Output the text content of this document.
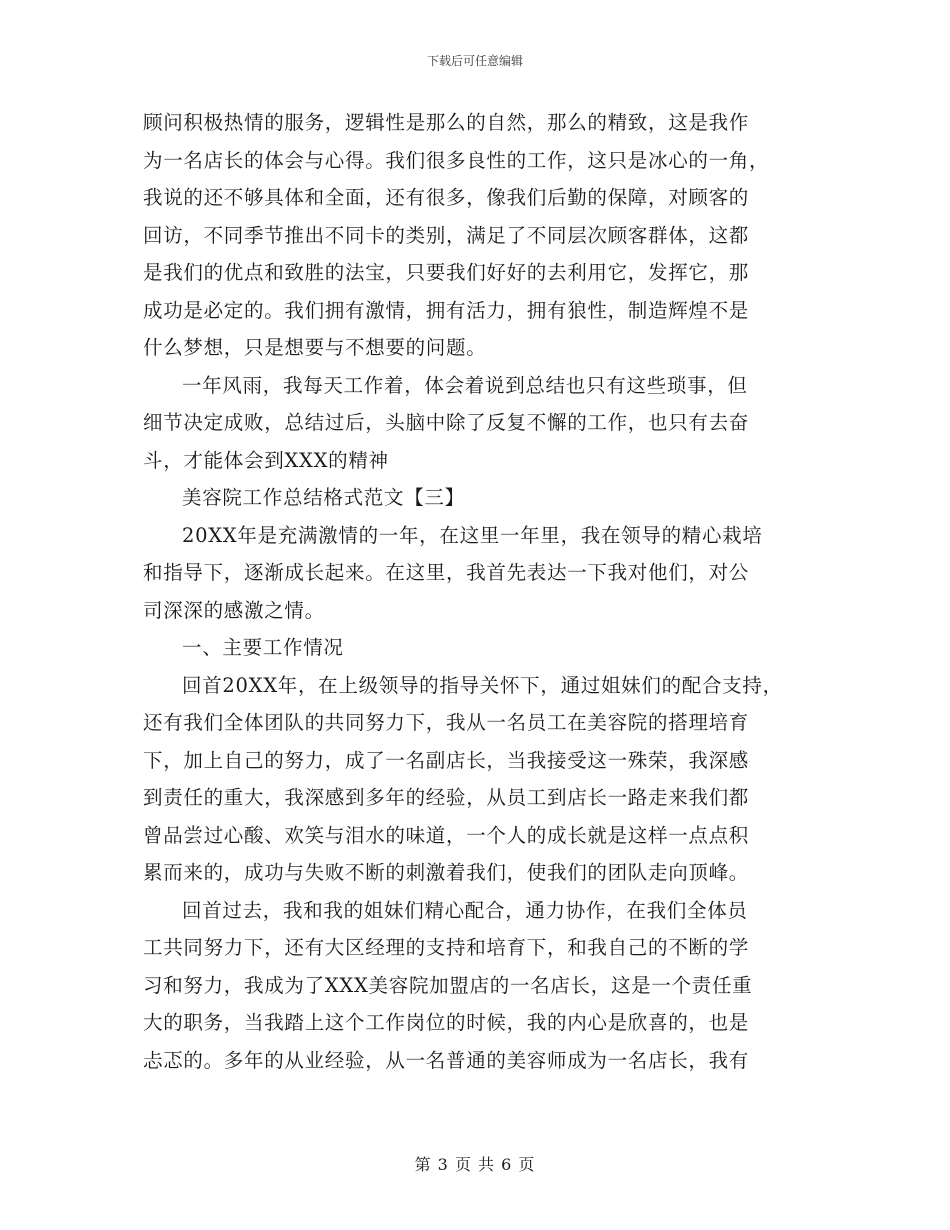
下载后可任意编辑
顾问积极热情的服务，逻辑性是那么的自然，那么的精致，这是我作
为一名店长的体会与心得。我们很多良性的工作，这只是冰心的一角，
我说的还不够具体和全面，还有很多，像我们后勤的保障，对顾客的
回访，不同季节推出不同卡的类别，满足了不同层次顾客群体，这都
是我们的优点和致胜的法宝，只要我们好好的去利用它，发挥它，那
成功是必定的。我们拥有激情，拥有活力，拥有狼性，制造辉煌不是
什么梦想，只是想要与不想要的问题。
一年风雨，我每天工作着，体会着说到总结也只有这些琐事，但
细节决定成败，总结过后，头脑中除了反复不懈的工作，也只有去奋
斗，才能体会到XXX的精神
美容院工作总结格式范文【三】
20XX年是充满激情的一年，在这里一年里，我在领导的精心栽培
和指导下，逐渐成长起来。在这里，我首先表达一下我对他们，对公
司深深的感激之情。
一、主要工作情况
回首20XX年，在上级领导的指导关怀下，通过姐妹们的配合支持，
还有我们全体团队的共同努力下，我从一名员工在美容院的搭理培育
下，加上自己的努力，成了一名副店长，当我接受这一殊荣，我深感
到责任的重大，我深感到多年的经验，从员工到店长一路走来我们都
曾品尝过心酸、欢笑与泪水的味道，一个人的成长就是这样一点点积
累而来的，成功与失败不断的刺激着我们，使我们的团队走向顶峰。
回首过去，我和我的姐妹们精心配合，通力协作，在我们全体员
工共同努力下，还有大区经理的支持和培育下，和我自己的不断的学
习和努力，我成为了XXX美容院加盟店的一名店长，这是一个责任重
大的职务，当我踏上这个工作岗位的时候，我的内心是欣喜的，也是
忐忑的。多年的从业经验，从一名普通的美容师成为一名店长，我有
第 3 页 共 6 页
